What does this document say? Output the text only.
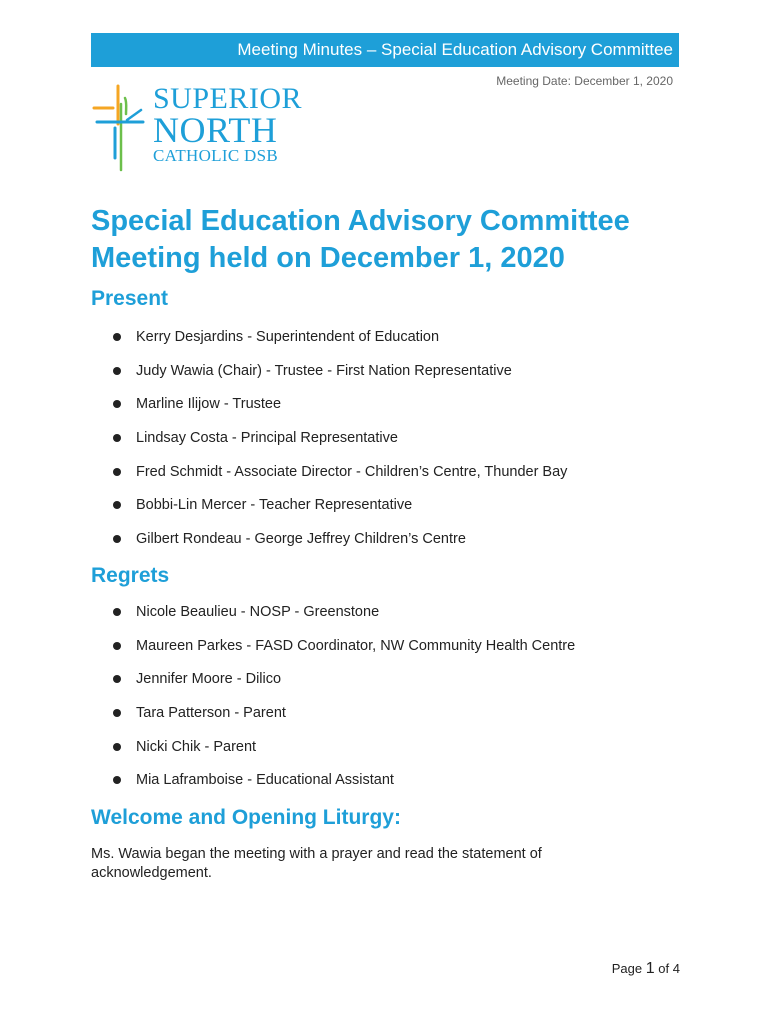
Meeting Minutes – Special Education Advisory Committee
Meeting Date: December 1, 2020
SUPERIOR
NORTH
CATHOLIC DSB
Special Education Advisory Committee
Meeting held on December 1, 2020
Present
Kerry Desjardins - Superintendent of Education
Judy Wawia (Chair) - Trustee - First Nation Representative
Marline Ilijow - Trustee
Lindsay Costa - Principal Representative
Fred Schmidt - Associate Director - Children’s Centre, Thunder Bay
Bobbi-Lin Mercer - Teacher Representative
Gilbert Rondeau - George Jeffrey Children’s Centre
Regrets
Nicole Beaulieu - NOSP - Greenstone
Maureen Parkes - FASD Coordinator, NW Community Health Centre
Jennifer Moore - Dilico
Tara Patterson - Parent
Nicki Chik - Parent
Mia Laframboise - Educational Assistant
Welcome and Opening Liturgy:

Ms. Wawia began the meeting with a prayer and read the statement of acknowledgement.

Page 1 of 4
